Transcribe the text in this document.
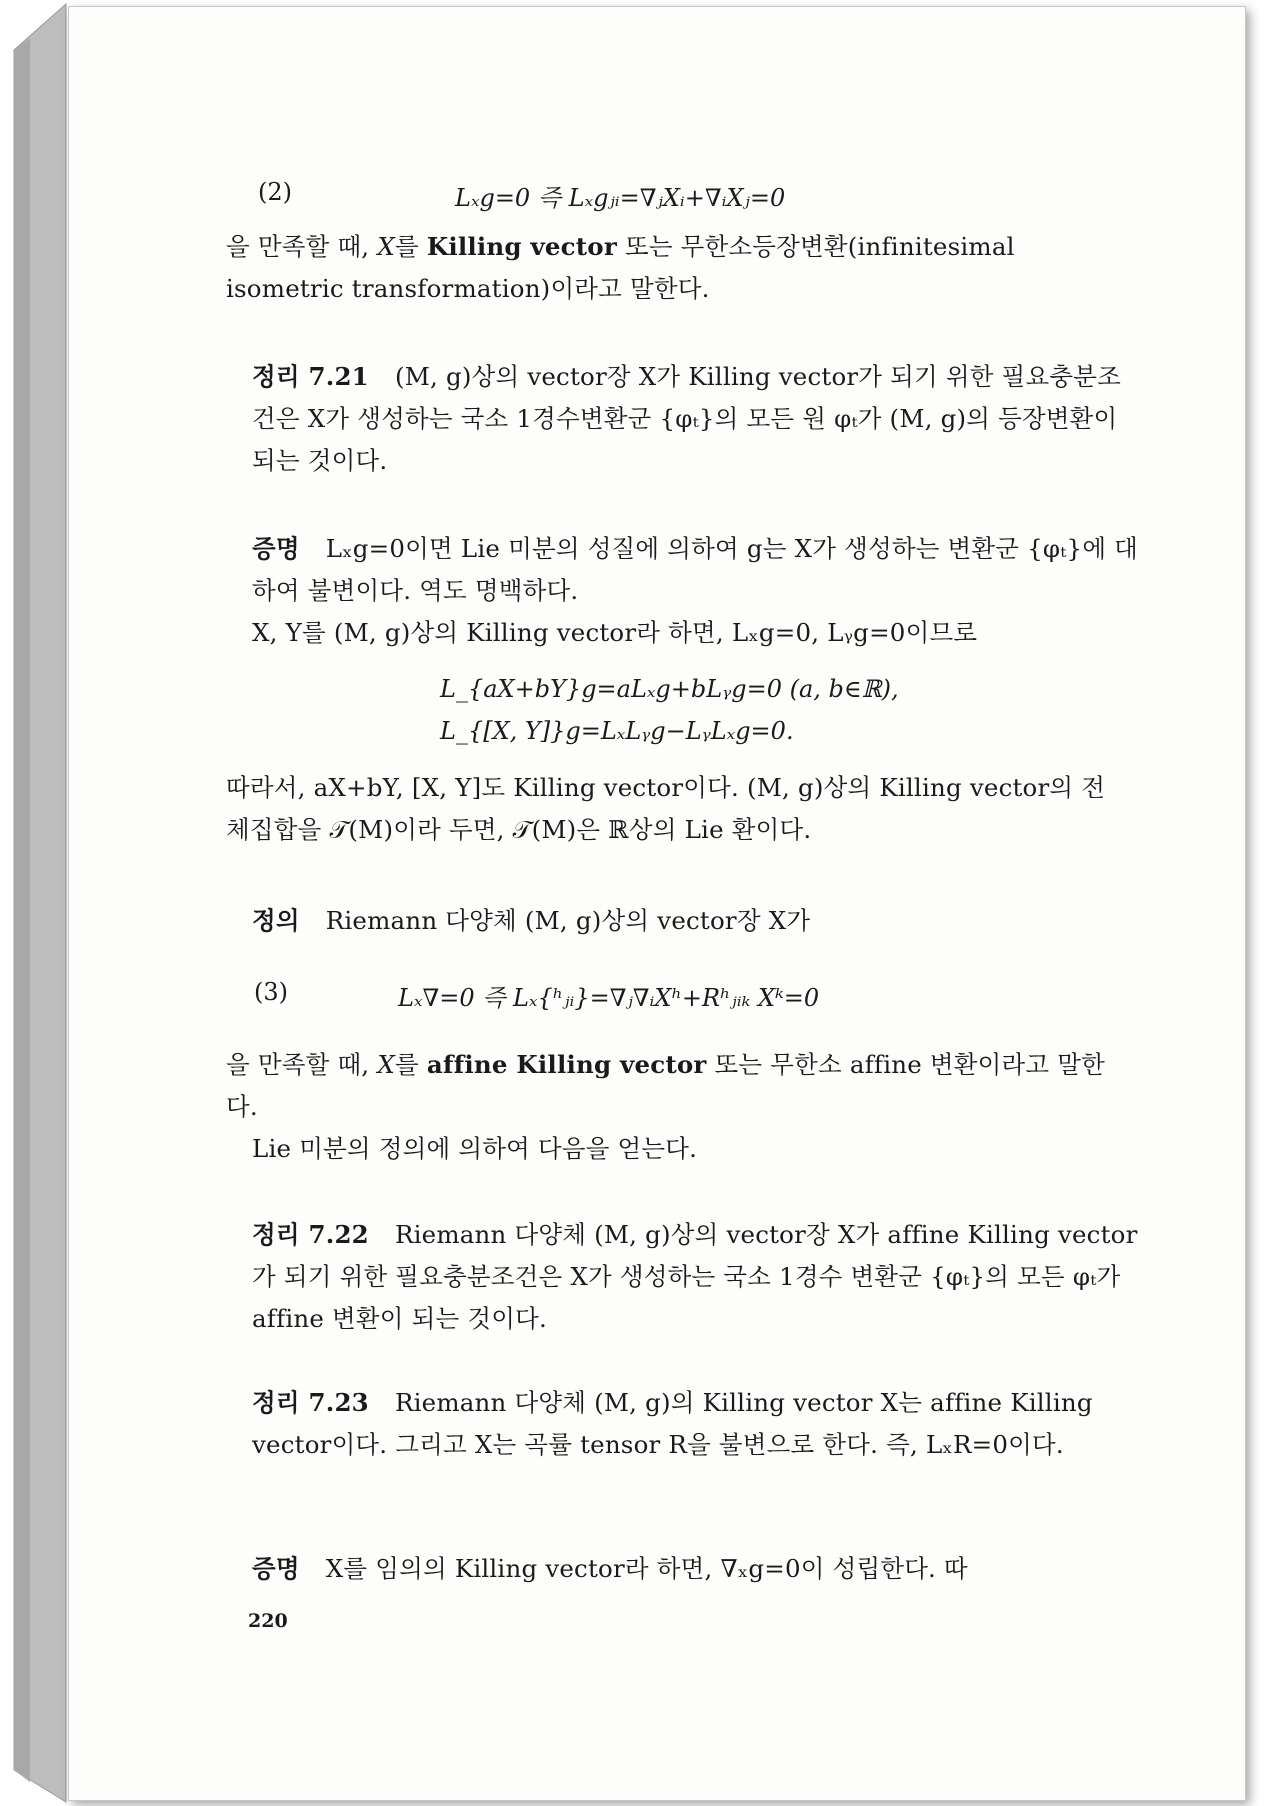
(2)	Lₓg=0 즉 Lₓgⱼᵢ=∇ⱼXᵢ+∇ᵢXⱼ=0
을 만족할 때, X를 Killing vector 또는 무한소등장변환(infinitesimal isometric transformation)이라고 말한다.
정리 7.21 (M, g)상의 vector장 X가 Killing vector가 되기 위한 필요충분조건은 X가 생성하는 국소 1경수변환군 {φₜ}의 모든 원 φₜ가 (M, g)의 등장변환이 되는 것이다.
증명 Lₓg=0이면 Lie 미분의 성질에 의하여 g는 X가 생성하는 변환군 {φₜ}에 대하여 불변이다. 역도 명백하다.
X, Y를 (M, g)상의 Killing vector라 하면, Lₓg=0, Lᵧg=0이므로
L_{aX+bY}g=aLₓg+bLᵧg=0 (a, b∈ℝ),
L_{[X, Y]}g=LₓLᵧg−LᵧLₓg=0.
따라서, aX+bY, [X, Y]도 Killing vector이다. (M, g)상의 Killing vector의 전체집합을 𝒯(M)이라 두면, 𝒯(M)은 ℝ상의 Lie 환이다.
정의 Riemann 다양체 (M, g)상의 vector장 X가
(3)	Lₓ∇=0 즉 Lₓ{ʰⱼᵢ}=∇ⱼ∇ᵢXʰ+Rʰⱼᵢₖ Xᵏ=0
을 만족할 때, X를 affine Killing vector 또는 무한소 affine 변환이라고 말한다.
Lie 미분의 정의에 의하여 다음을 얻는다.
정리 7.22 Riemann 다양체 (M, g)상의 vector장 X가 affine Killing vector가 되기 위한 필요충분조건은 X가 생성하는 국소 1경수 변환군 {φₜ}의 모든 φₜ가 affine 변환이 되는 것이다.
정리 7.23 Riemann 다양체 (M, g)의 Killing vector X는 affine Killing vector이다. 그리고 X는 곡률 tensor R을 불변으로 한다. 즉, LₓR=0이다.
증명 X를 임의의 Killing vector라 하면, ∇ₓg=0이 성립한다. 따
220
